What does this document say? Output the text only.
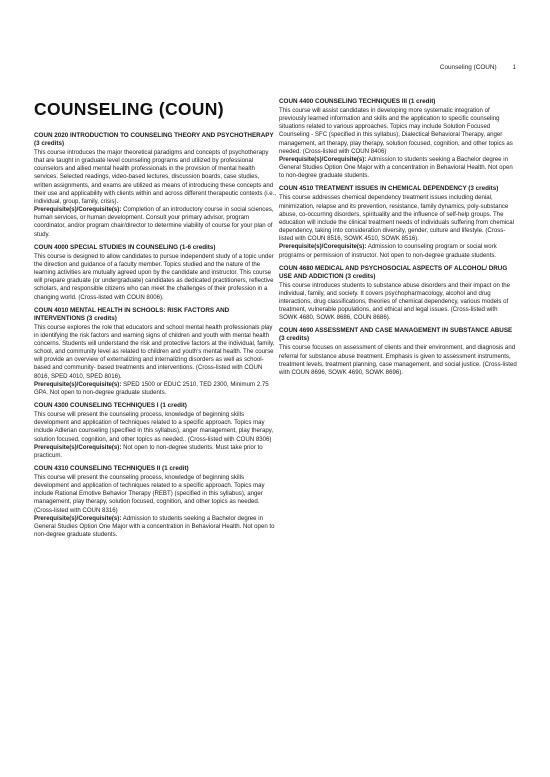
Counseling (COUN) 1
COUNSELING (COUN)
COUN 2020 INTRODUCTION TO COUNSELING THEORY AND PSYCHOTHERAPY (3 credits)

This course introduces the major theoretical paradigms and concepts of psychotherapy that are taught in graduate level counseling programs and utilized by professional counselors and allied mental health professionals in the provision of mental health services. Selected readings, video-based lectures, discussion boards, case studies, written assignments, and exams are utilized as means of introducing these concepts and their use and applicability with clients within and across different therapeutic contexts (i.e., individual, group, family, crisis).

Prerequisite(s)/Corequisite(s): Completion of an introductory course in social sciences, human services, or human development. Consult your primary advisor, program coordinator, and/or program chair/director to determine viability of course for your plan of study.

COUN 4000 SPECIAL STUDIES IN COUNSELING (1-6 credits)

This course is designed to allow candidates to pursue independent study of a topic under the direction and guidance of a faculty member. Topics studied and the nature of the learning activities are mutually agreed upon by the candidate and instructor. This course will prepare graduate (or undergraduate) candidates as dedicated practitioners, reflective scholars, and responsible citizens who can meet the challenges of their profession in a changing world. (Cross-listed with COUN 8006).

COUN 4010 MENTAL HEALTH IN SCHOOLS: RISK FACTORS AND INTERVENTIONS (3 credits)

This course explores the role that educators and school mental health professionals play in identifying the risk factors and warning signs of children and youth with mental health concerns. Students will understand the risk and protective factors at the individual, family, school, and community level as related to children and youth's mental health. The course will provide an overview of externalizing and internalizing disorders as well as school-based and community- based treatments and interventions. (Cross-listed with COUN 8016, SPED 4010, SPED 8016).

Prerequisite(s)/Corequisite(s): SPED 1500 or EDUC 2510, TED 2300, Minimum 2.75 GPA. Not open to non-degree graduate students.

COUN 4300 COUNSELING TECHNIQUES I (1 credit)

This course will present the counseling process, knowledge of beginning skills development and application of techniques related to a specific approach. Topics may include Adlerian counseling (specified in this syllabus), anger management, play therapy, solution focused, cognition, and other topics as needed.. (Cross-listed with COUN 8306)

Prerequisite(s)/Corequisite(s): Not open to non-degree students. Must take prior to practicum.

COUN 4310 COUNSELING TECHNIQUES II (1 credit)

This course will present the counseling process, knowledge of beginning skills development and application of techniques related to a specific approach. Topics may include Rational Emotive Behavior Therapy (REBT) (specified in this syllabus), anger management, play therapy, solution focused, cognition, and other topics as needed. (Cross-listed with COUN 8316)

Prerequisite(s)/Corequisite(s): Admission to students seeking a Bachelor degree in General Studies Option One Major with a concentration in Behavioral Health. Not open to non-degree graduate students.

COUN 4400 COUNSELING TECHNIQUES III (1 credit)

This course will assist candidates in developing more systematic integration of previously learned information and skills and the application to specific counseling situations related to various approaches. Topics may include Solution Focused Counseling - SFC (specified in this syllabus), Dialectical Behavioral Therapy, anger management, art therapy, play therapy, solution focused, cognition, and other topics as needed. (Cross-listed with COUN 8406)

Prerequisite(s)/Corequisite(s): Admission to students seeking a Bachelor degree in General Studies Option One Major with a concentration in Behavioral Health. Not open to non-degree graduate students.

COUN 4510 TREATMENT ISSUES IN CHEMICAL DEPENDENCY (3 credits)

This course addresses chemical dependency treatment issues including denial, minimization, relapse and its prevention, resistance, family dynamics, poly-substance abuse, co-occurring disorders, spirituality and the influence of self-help groups. The education will include the clinical treatment needs of individuals suffering from chemical dependency, taking into consideration diversity, gender, culture and lifestyle. (Cross-listed with COUN 8516, SOWK 4510, SOWK 8516).

Prerequisite(s)/Corequisite(s): Admission to counseling program or social work programs or permission of instructor. Not open to non-degree graduate students.

COUN 4680 MEDICAL AND PSYCHOSOCIAL ASPECTS OF ALCOHOL/ DRUG USE AND ADDICTION (3 credits)

This course introduces students to substance abuse disorders and their impact on the individual, family, and society. It covers psychopharmacology, alcohol and drug interactions, drug classifications, theories of chemical dependency, various models of treatment, vulnerable populations, and ethical and legal issues. (Cross-listed with SOWK 4680, SOWK 8686, COUN 8686).

COUN 4690 ASSESSMENT AND CASE MANAGEMENT IN SUBSTANCE ABUSE (3 credits)

This course focuses on assessment of clients and their environment, and diagnosis and referral for substance abuse treatment. Emphasis is given to assessment instruments, treatment levels, treatment planning, case management, and social justice. (Cross-listed with COUN 8696, SOWK 4690, SOWK 8696).
